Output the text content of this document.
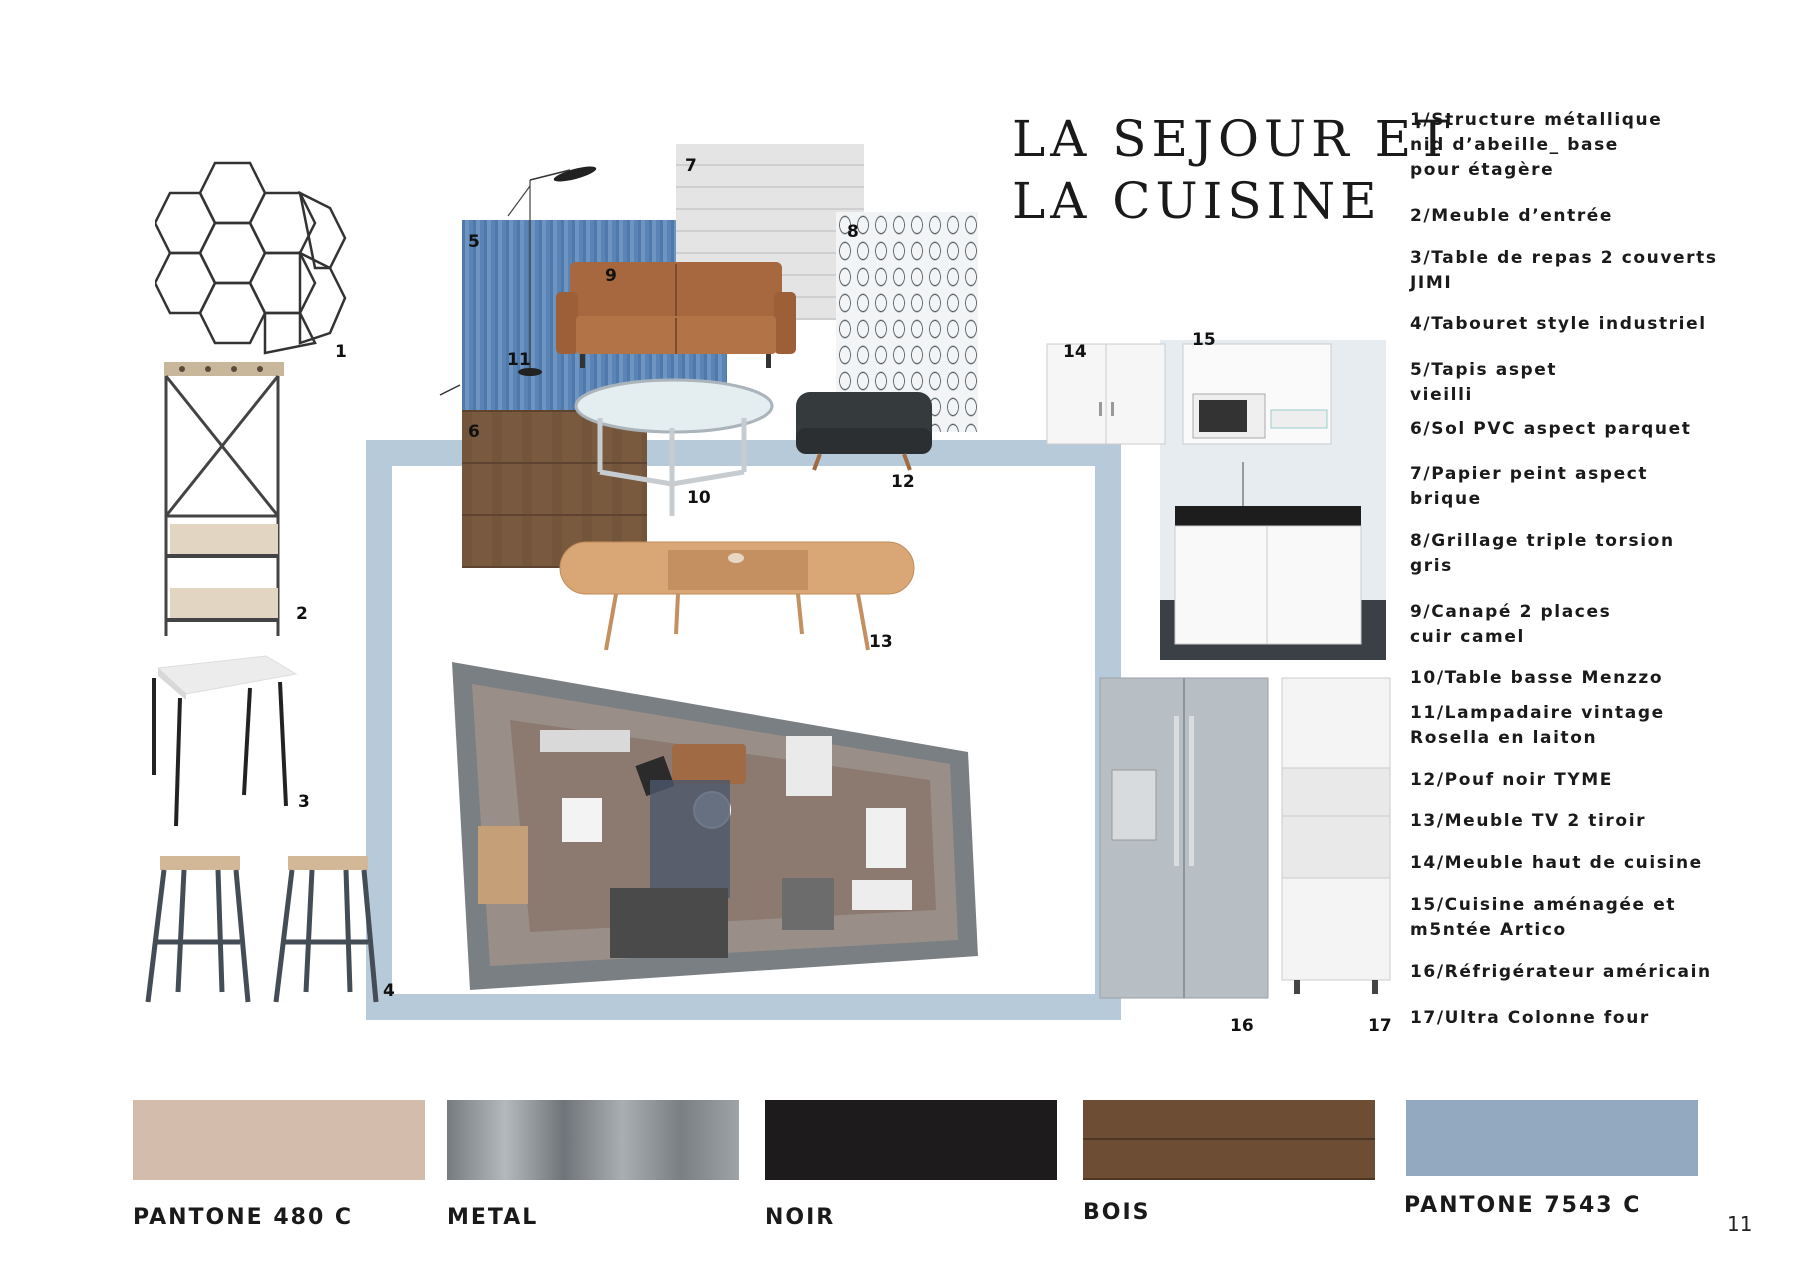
LA SEJOUR ET
LA CUISINE
1/Structure métallique
nid d’abeille_ base
pour étagère
2/Meuble d’entrée
3/Table de repas 2 couverts
JIMI
4/Tabouret style industriel
5/Tapis aspet
vieilli
6/Sol PVC aspect parquet
7/Papier peint aspect
brique
8/Grillage triple torsion
gris
9/Canapé 2 places
cuir camel
10/Table basse Menzzo
11/Lampadaire vintage
Rosella en laiton
12/Pouf noir TYME
13/Meuble TV 2 tiroir
14/Meuble haut de cuisine
15/Cuisine aménagée et
m5ntée Artico
16/Réfrigérateur américain
17/Ultra Colonne four
1
2
3
4
5
6
7
8
9
10
11
12
13
14
15
16	17
PANTONE 480 C	METAL	NOIR	BOIS	PANTONE 7543 C
11
